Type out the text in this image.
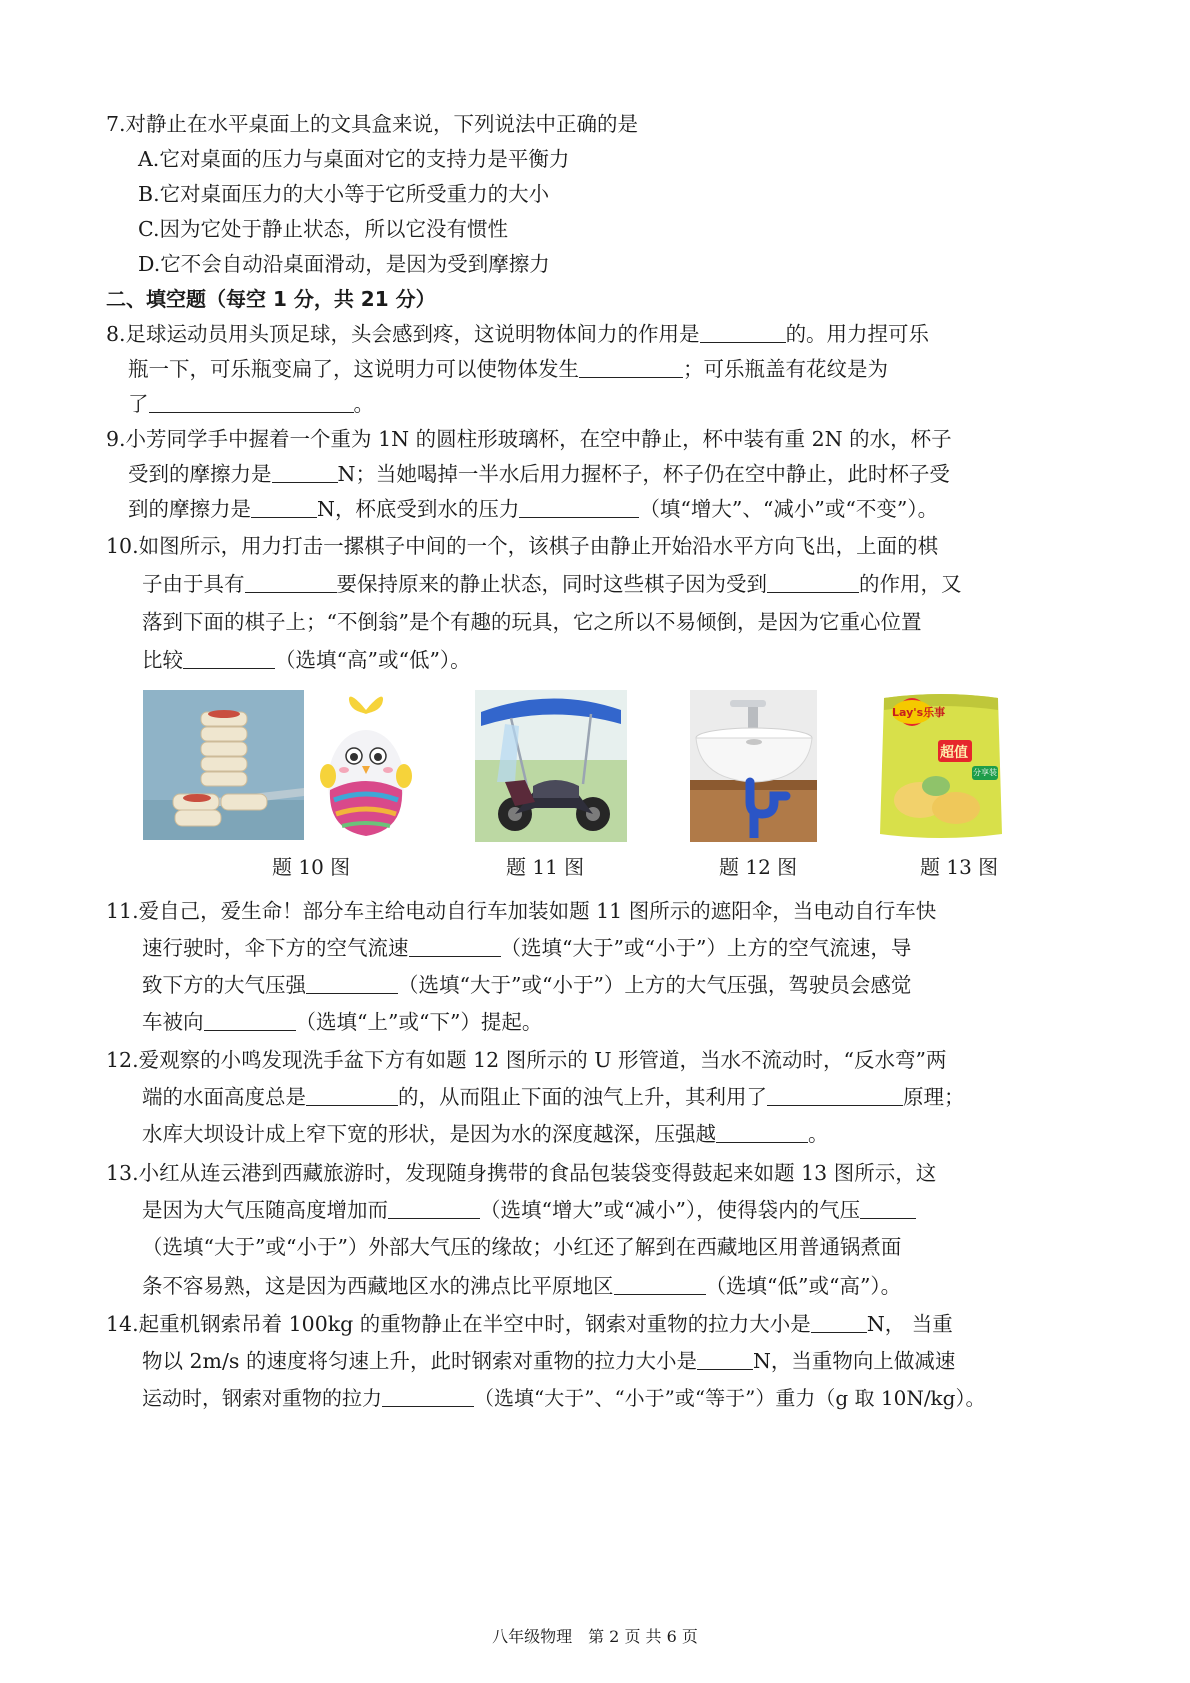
7.对静止在水平桌面上的文具盒来说，下列说法中正确的是
A.它对桌面的压力与桌面对它的支持力是平衡力
B.它对桌面压力的大小等于它所受重力的大小
C.因为它处于静止状态，所以它没有惯性
D.它不会自动沿桌面滑动，是因为受到摩擦力
二、填空题（每空 1 分，共 21 分）
8.足球运动员用头顶足球，头会感到疼，这说明物体间力的作用是	的。用力捏可乐
瓶一下，可乐瓶变扁了，这说明力可以使物体发生	；可乐瓶盖有花纹是为
了	。
9.小芳同学手中握着一个重为 1N 的圆柱形玻璃杯，在空中静止，杯中装有重 2N 的水，杯子
受到的摩擦力是	N；当她喝掉一半水后用力握杯子，杯子仍在空中静止，此时杯子受
到的摩擦力是	N，杯底受到水的压力	（填“增大”、“减小”或“不变”）。
10.如图所示，用力打击一摞棋子中间的一个，该棋子由静止开始沿水平方向飞出，上面的棋
子由于具有	要保持原来的静止状态，同时这些棋子因为受到	的作用，又
落到下面的棋子上；“不倒翁”是个有趣的玩具，它之所以不易倾倒，是因为它重心位置
比较	（选填“高”或“低”）。
Lay's乐事
超值
分享装
题 10 图	题 11 图	题 12 图	题 13 图
11.爱自己，爱生命！部分车主给电动自行车加装如题 11 图所示的遮阳伞，当电动自行车快
速行驶时，伞下方的空气流速	（选填“大于”或“小于”）上方的空气流速，导
致下方的大气压强	（选填“大于”或“小于”）上方的大气压强，驾驶员会感觉
车被向	（选填“上”或“下”）提起。
12.爱观察的小鸣发现洗手盆下方有如题 12 图所示的 U 形管道，当水不流动时，“反水弯”两
端的水面高度总是	的，从而阻止下面的浊气上升，其利用了	原理；
水库大坝设计成上窄下宽的形状，是因为水的深度越深，压强越	。
13.小红从连云港到西藏旅游时，发现随身携带的食品包装袋变得鼓起来如题 13 图所示，这
是因为大气压随高度增加而	（选填“增大”或“减小”），使得袋内的气压
（选填“大于”或“小于”）外部大气压的缘故；小红还了解到在西藏地区用普通锅煮面
条不容易熟，这是因为西藏地区水的沸点比平原地区	（选填“低”或“高”）。
14.起重机钢索吊着 100kg 的重物静止在半空中时，钢索对重物的拉力大小是	N， 当重
物以 2m/s 的速度将匀速上升，此时钢索对重物的拉力大小是	N，当重物向上做减速
运动时，钢索对重物的拉力	（选填“大于”、“小于”或“等于”）重力（g 取 10N/kg）。
八年级物理　第 2 页 共 6 页
